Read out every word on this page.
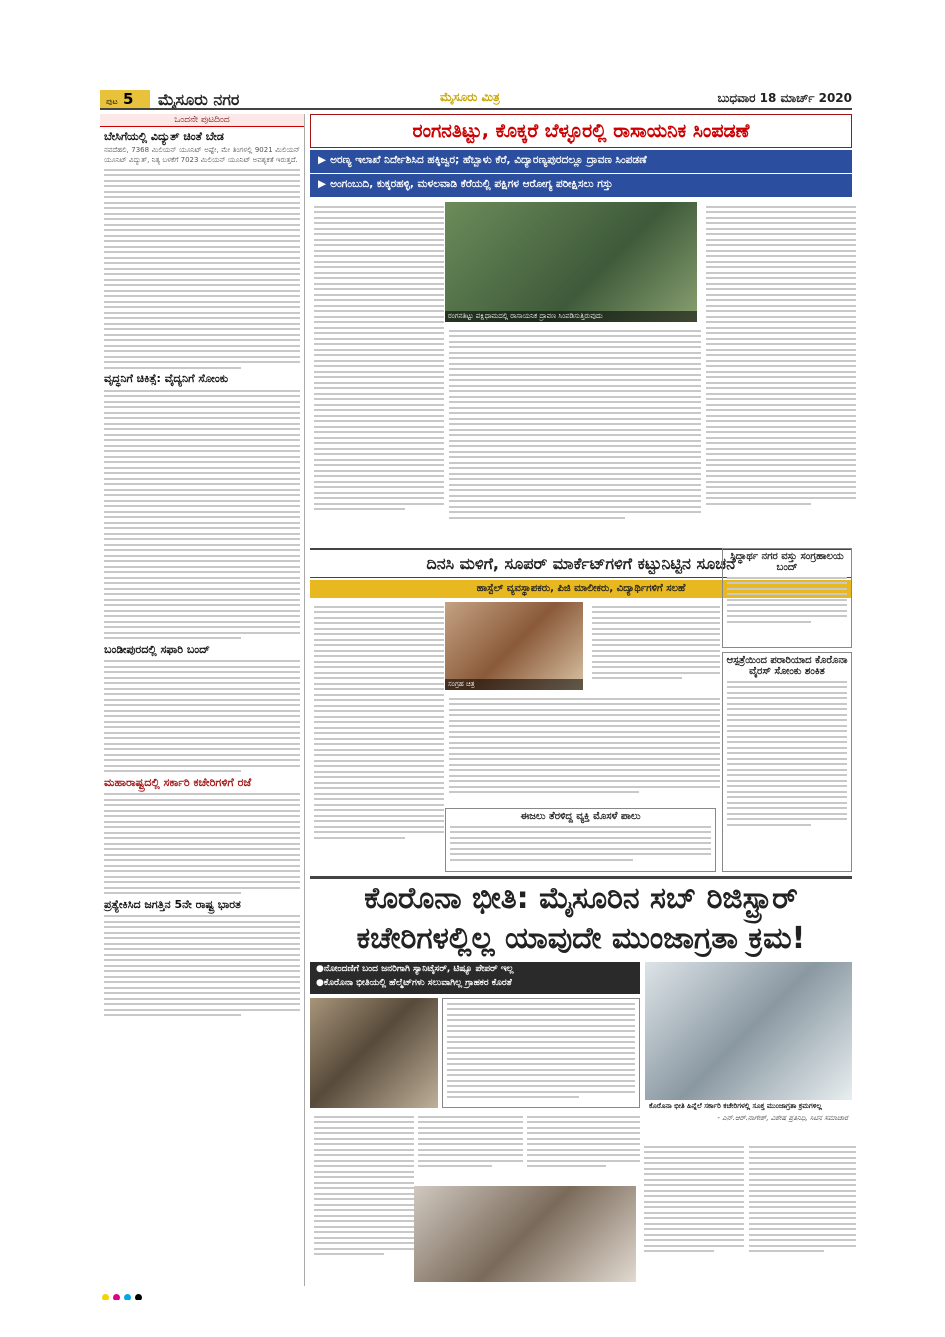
ಪುಟ 5	ಮೈಸೂರು ನಗರ	ಮೈಸೂರು ಮಿತ್ರ	ಬುಧವಾರ 18 ಮಾರ್ಚ್ 2020
ಒಂದನೇ ಪುಟದಿಂದ
ಬೇಸಿಗೆಯಲ್ಲಿ ವಿದ್ಯುತ್ ಚಿಂತೆ ಬೇಡ
ನವದೆಹಲಿ, 7368 ಮಿಲಿಯನ್ ಯೂನಿಟ್ ಅಷ್ಟೇ, ಮೇ ತಿಂಗಳಲ್ಲಿ 9021 ಮಿಲಿಯನ್ ಯೂನಿಟ್ ವಿದ್ಯುತ್, ನಿತ್ಯ ಬಳಕೆಗೆ 7023 ಮಿಲಿಯನ್ ಯೂನಿಟ್ ಅವಶ್ಯಕತೆ ಇರುತ್ತದೆ.
ವೃದ್ಧನಿಗೆ ಚಿಕಿತ್ಸೆ: ವೈದ್ಯನಿಗೆ ಸೋಂಕು
ಬಂಡೀಪುರದಲ್ಲಿ ಸಫಾರಿ ಬಂದ್
ಮಹಾರಾಷ್ಟ್ರದಲ್ಲಿ ಸರ್ಕಾರಿ ಕಚೇರಿಗಳಿಗೆ ರಜೆ
ಪ್ರತ್ಯೇಕಿಸಿದ ಜಗತ್ತಿನ 5ನೇ ರಾಷ್ಟ್ರ ಭಾರತ
ರಂಗನತಿಟ್ಟು, ಕೊಕ್ಕರೆ ಬೆಳ್ಳೂರಲ್ಲಿ ರಾಸಾಯನಿಕ ಸಿಂಪಡಣೆ
▶ ಅರಣ್ಯ ಇಲಾಖೆ ನಿರ್ದೇಶಿಸಿದ ಹಕ್ಕಿಜ್ವರ; ಹೆಬ್ಬಾಳು ಕೆರೆ, ವಿದ್ಯಾರಣ್ಯಪುರದಲ್ಲೂ ದ್ರಾವಣ ಸಿಂಪಡಣೆ
▶ ಅಂಗಂಬುದಿ, ಕುಕ್ಕರಹಳ್ಳಿ, ಮಳಲವಾಡಿ ಕೆರೆಯಲ್ಲಿ ಪಕ್ಷಿಗಳ ಆರೋಗ್ಯ ಪರೀಕ್ಷಿಸಲು ಗಸ್ತು
ರಂಗನತಿಟ್ಟು ಪಕ್ಷಿಧಾಮದಲ್ಲಿ ರಾಸಾಯನಿಕ ದ್ರಾವಣ ಸಿಂಪಡಿಸುತ್ತಿರುವುದು
ದಿನಸಿ ಮಳಿಗೆ, ಸೂಪರ್ ಮಾರ್ಕೆಟ್‌ಗಳಿಗೆ ಕಟ್ಟುನಿಟ್ಟಿನ ಸೂಚನೆ

ಹಾಸ್ಟೆಲ್ ವ್ಯವಸ್ಥಾಪಕರು, ಪಿಜಿ ಮಾಲೀಕರು, ವಿದ್ಯಾರ್ಥಿಗಳಿಗೆ ಸಲಹೆ

ಸಂಗ್ರಹ ಚಿತ್ರ
ಈಜಲು ತೆರಳಿದ್ದ ವ್ಯಕ್ತಿ ಮೊಸಳೆ ಪಾಲು
ಸಿದ್ಧಾರ್ಥ ನಗರ ವಸ್ತು ಸಂಗ್ರಹಾಲಯ ಬಂದ್
ಆಸ್ಪತ್ರೆಯಿಂದ ಪರಾರಿಯಾದ ಕೊರೊನಾ ವೈರಸ್ ಸೋಂಕು ಶಂಕಿತ
ಕೊರೊನಾ ಭೀತಿ: ಮೈಸೂರಿನ ಸಬ್ ರಿಜಿಸ್ಟ್ರಾರ್
ಕಚೇರಿಗಳಲ್ಲಿಲ್ಲ ಯಾವುದೇ ಮುಂಜಾಗ್ರತಾ ಕ್ರಮ!

●ನೋಂದಣಿಗೆ ಬಂದ ಜನರಿಗಾಗಿ ಸ್ಯಾನಿಟೈಸರ್, ಟಿಷ್ಯೂ ಪೇಪರ್ ಇಲ್ಲ

●ಕೊರೊನಾ ಭೀತಿಯಲ್ಲಿ ಹೆಲ್ಮೆಟ್‌ಗಳು ಸಲುವಾಗಿ‌ಲ್ಲ ಗ್ರಾಹಕರ ಕೊರತೆ

ಕೊರೊನಾ ಭೀತಿ ಹಿನ್ನೆಲೆ ಸರ್ಕಾರಿ ಕಚೇರಿಗಳಲ್ಲಿ ಸೂಕ್ತ ಮುಂಜಾಗ್ರತಾ ಕ್ರಮಗಳಿಲ್ಲ
- ಎನ್.ಆರ್.ನಾಗೇಶ್, ವಿಶೇಷ ಪ್ರತಿನಿಧಿ, ಸಿಟಿನ ಸಮಾಚಾರ
